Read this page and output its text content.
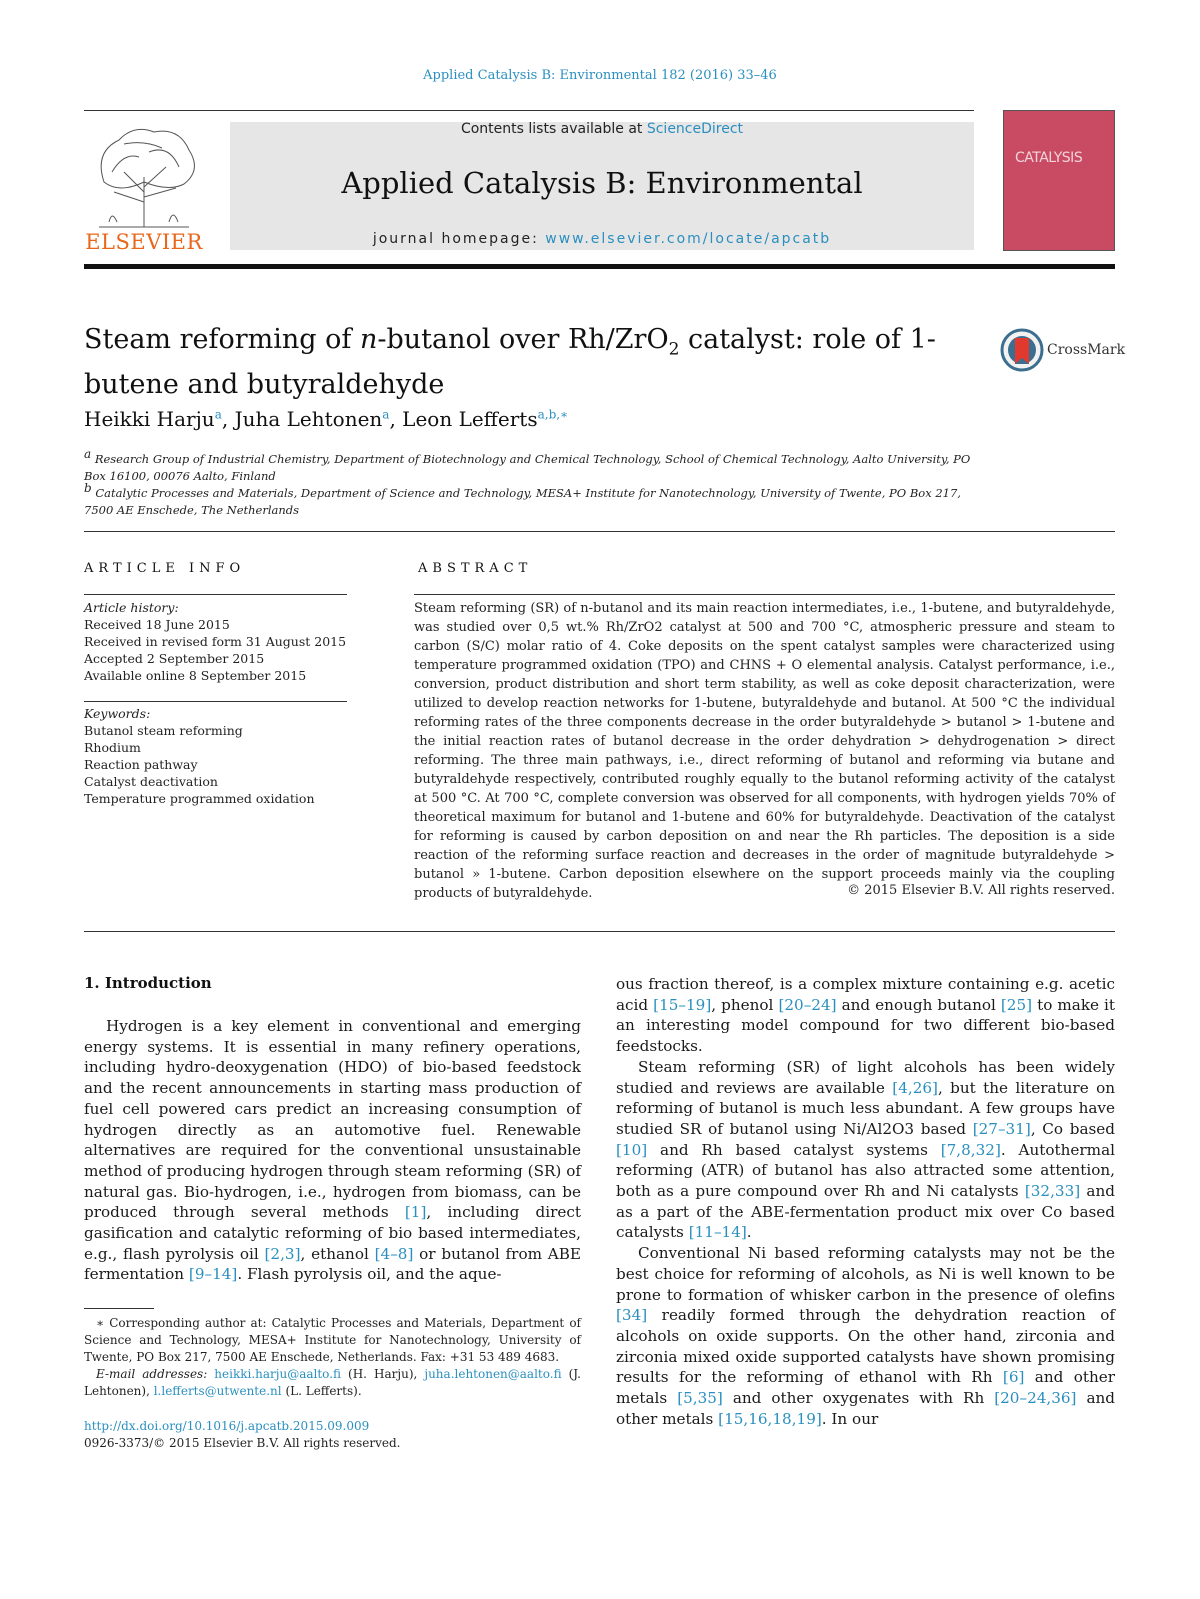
Applied Catalysis B: Environmental 182 (2016) 33–46
ELSEVIER
Contents lists available at ScienceDirect
Applied Catalysis B: Environmental
journal homepage: www.elsevier.com/locate/apcatb
CATALYSIS
Steam reforming of n-butanol over Rh/ZrO$_2$ catalyst: role of 1-butene and butyraldehyde
CrossMark
Heikki Harju$^a$, Juha Lehtonen$^a$, Leon Lefferts$^{a,b,∗}$
a Research Group of Industrial Chemistry, Department of Biotechnology and Chemical Technology, School of Chemical Technology, Aalto University, PO Box 16100, 00076 Aalto, Finland
b Catalytic Processes and Materials, Department of Science and Technology, MESA+ Institute for Nanotechnology, University of Twente, PO Box 217, 7500 AE Enschede, The Netherlands
ARTICLE INFO
Article history:
Received 18 June 2015
Received in revised form 31 August 2015
Accepted 2 September 2015
Available online 8 September 2015
Keywords:
Butanol steam reforming
Rhodium
Reaction pathway
Catalyst deactivation
Temperature programmed oxidation
ABSTRACT
Steam reforming (SR) of n-butanol and its main reaction intermediates, i.e., 1-butene, and butyraldehyde, was studied over 0,5 wt.% Rh/ZrO2 catalyst at 500 and 700 °C, atmospheric pressure and steam to carbon (S/C) molar ratio of 4. Coke deposits on the spent catalyst samples were characterized using temperature programmed oxidation (TPO) and CHNS + O elemental analysis. Catalyst performance, i.e., conversion, product distribution and short term stability, as well as coke deposit characterization, were utilized to develop reaction networks for 1-butene, butyraldehyde and butanol. At 500 °C the individual reforming rates of the three components decrease in the order butyraldehyde > butanol > 1-butene and the initial reaction rates of butanol decrease in the order dehydration > dehydrogenation > direct reforming. The three main pathways, i.e., direct reforming of butanol and reforming via butane and butyraldehyde respectively, contributed roughly equally to the butanol reforming activity of the catalyst at 500 °C. At 700 °C, complete conversion was observed for all components, with hydrogen yields 70% of theoretical maximum for butanol and 1-butene and 60% for butyraldehyde. Deactivation of the catalyst for reforming is caused by carbon deposition on and near the Rh particles. The deposition is a side reaction of the reforming surface reaction and decreases in the order of magnitude butyraldehyde > butanol » 1-butene. Carbon deposition elsewhere on the support proceeds mainly via the coupling products of butyraldehyde.	© 2015 Elsevier B.V. All rights reserved.
1. Introduction

Hydrogen is a key element in conventional and emerging energy systems. It is essential in many refinery operations, including hydro-deoxygenation (HDO) of bio-based feedstock and the recent announcements in starting mass production of fuel cell powered cars predict an increasing consumption of hydrogen directly as an automotive fuel. Renewable alternatives are required for the conventional unsustainable method of producing hydrogen through steam reforming (SR) of natural gas. Bio-hydrogen, i.e., hydrogen from biomass, can be produced through several methods [1], including direct gasification and catalytic reforming of bio based intermediates, e.g., flash pyrolysis oil [2,3], ethanol [4–8] or butanol from ABE fermentation [9–14]. Flash pyrolysis oil, and the aque-

ous fraction thereof, is a complex mixture containing e.g. acetic acid [15–19], phenol [20–24] and enough butanol [25] to make it an interesting model compound for two different bio-based feedstocks.

Steam reforming (SR) of light alcohols has been widely studied and reviews are available [4,26], but the literature on reforming of butanol is much less abundant. A few groups have studied SR of butanol using Ni/Al2O3 based [27–31], Co based [10] and Rh based catalyst systems [7,8,32]. Autothermal reforming (ATR) of butanol has also attracted some attention, both as a pure compound over Rh and Ni catalysts [32,33] and as a part of the ABE-fermentation product mix over Co based catalysts [11–14].

Conventional Ni based reforming catalysts may not be the best choice for reforming of alcohols, as Ni is well known to be prone to formation of whisker carbon in the presence of olefins [34] readily formed through the dehydration reaction of alcohols on oxide supports. On the other hand, zirconia and zirconia mixed oxide supported catalysts have shown promising results for the reforming of ethanol with Rh [6] and other metals [5,35] and other oxygenates with Rh [20–24,36] and other metals [15,16,18,19]. In our

∗ Corresponding author at: Catalytic Processes and Materials, Department of Science and Technology, MESA+ Institute for Nanotechnology, University of Twente, PO Box 217, 7500 AE Enschede, Netherlands. Fax: +31 53 489 4683.

E-mail addresses: heikki.harju@aalto.fi (H. Harju), juha.lehtonen@aalto.fi (J. Lehtonen), l.lefferts@utwente.nl (L. Lefferts).

http://dx.doi.org/10.1016/j.apcatb.2015.09.009
0926-3373/© 2015 Elsevier B.V. All rights reserved.
